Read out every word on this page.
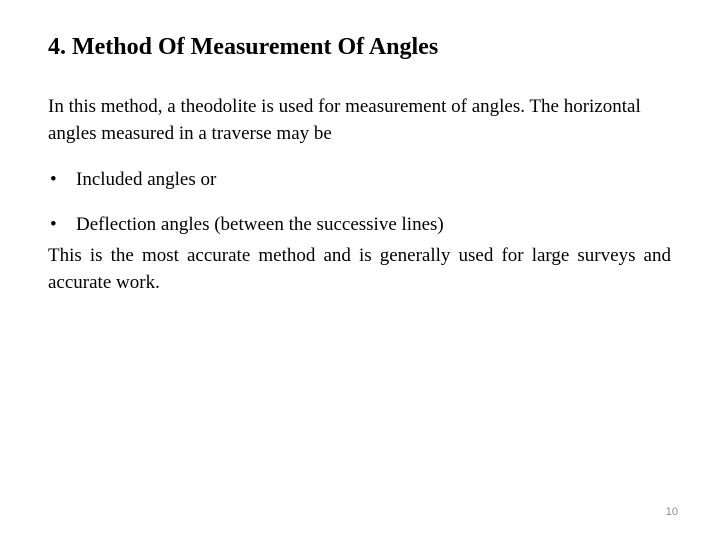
4. Method Of Measurement Of Angles

In this method, a theodolite is used for measurement of angles. The horizontal angles measured in a traverse may be

• Included angles or
• Deflection angles (between the successive lines)

This is the most accurate method and is generally used for large surveys and accurate work.

10
